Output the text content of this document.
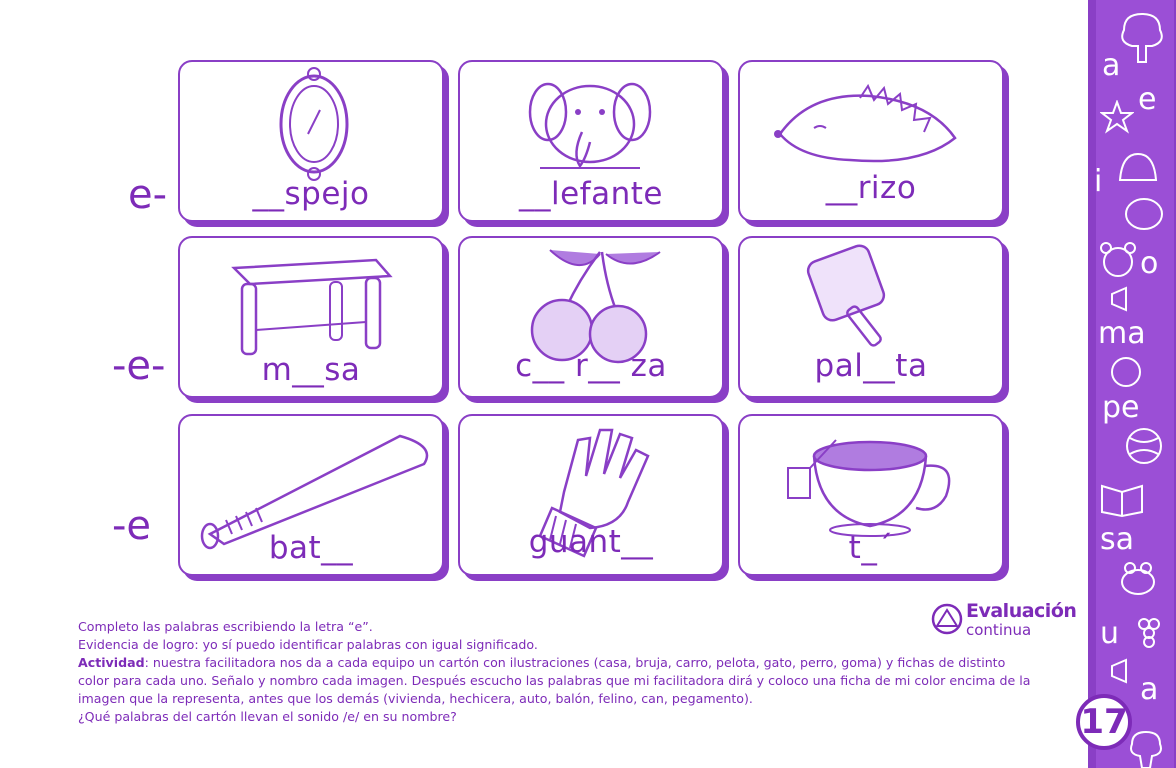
e-
-e-
-e
__spejo	__lefante	__rizo
m__sa	c__ r__ za	pal__ta
bat__	guant__	t_´
Completo las palabras escribiendo la letra “e”.
Evidencia de logro: yo sí puedo identificar palabras con igual significado.
Actividad: nuestra facilitadora nos da a cada equipo un cartón con ilustraciones (casa, bruja, carro, pelota, gato, perro, goma) y fichas de distinto
color para cada uno. Señalo y nombro cada imagen. Después escucho las palabras que mi facilitadora dirá y coloco una ficha de mi color encima de la
imagen que la representa, antes que los demás (vivienda, hechicera, auto, balón, felino, can, pegamento).
¿Qué palabras del cartón llevan el sonido /e/ en su nombre?
Evaluación
continua
a
e
i
o
ma
pe
sa
u
a
17
